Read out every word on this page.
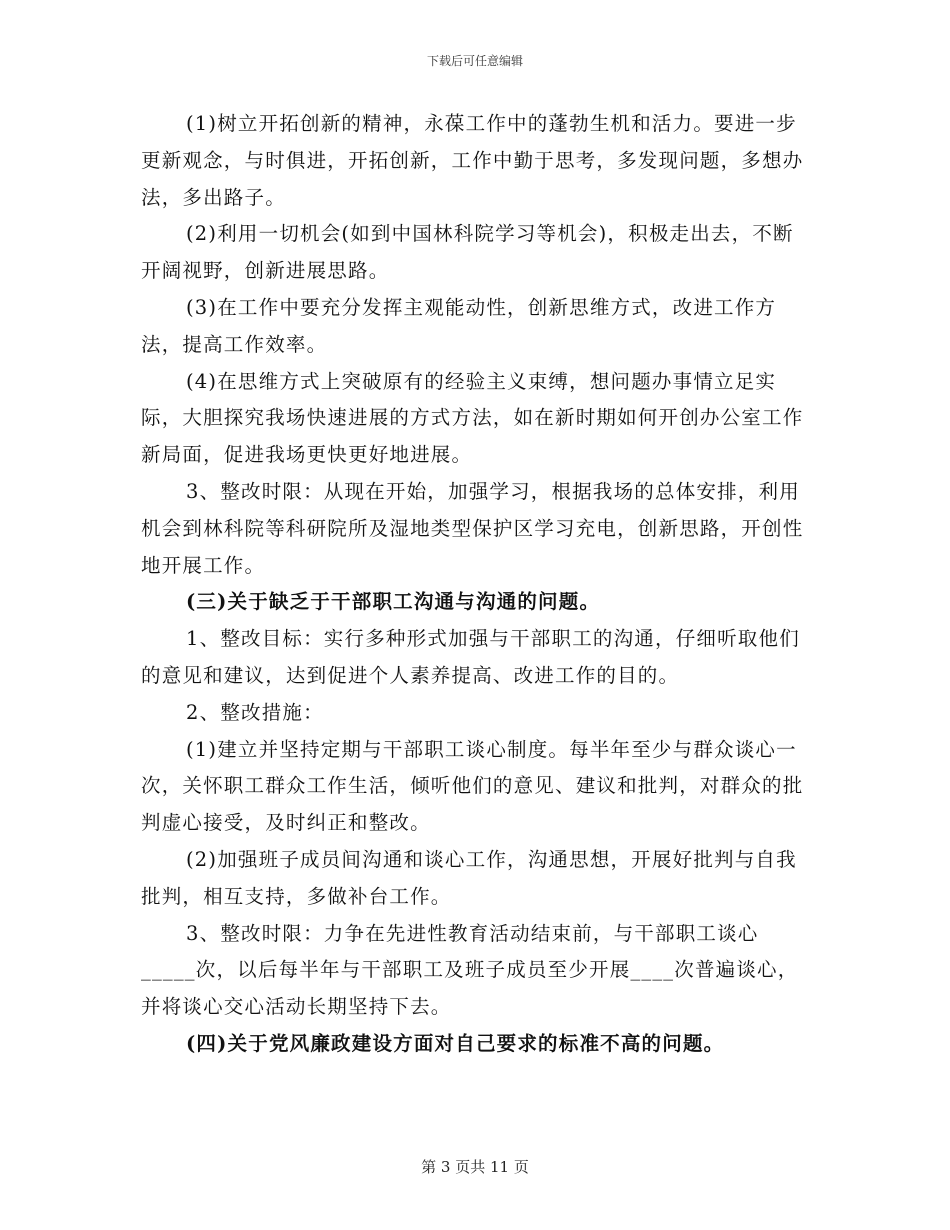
下载后可任意编辑

(1)树立开拓创新的精神，永葆工作中的蓬勃生机和活力。要进一步更新观念，与时俱进，开拓创新，工作中勤于思考，多发现问题，多想办法，多出路子。

(2)利用一切机会(如到中国林科院学习等机会)，积极走出去，不断开阔视野，创新进展思路。

(3)在工作中要充分发挥主观能动性，创新思维方式，改进工作方法，提高工作效率。

(4)在思维方式上突破原有的经验主义束缚，想问题办事情立足实际，大胆探究我场快速进展的方式方法，如在新时期如何开创办公室工作新局面，促进我场更快更好地进展。

3、整改时限：从现在开始，加强学习，根据我场的总体安排，利用机会到林科院等科研院所及湿地类型保护区学习充电，创新思路，开创性地开展工作。

(三)关于缺乏于干部职工沟通与沟通的问题。

1、整改目标：实行多种形式加强与干部职工的沟通，仔细听取他们的意见和建议，达到促进个人素养提高、改进工作的目的。

2、整改措施：

(1)建立并坚持定期与干部职工谈心制度。每半年至少与群众谈心一次，关怀职工群众工作生活，倾听他们的意见、建议和批判，对群众的批判虚心接受，及时纠正和整改。

(2)加强班子成员间沟通和谈心工作，沟通思想，开展好批判与自我批判，相互支持，多做补台工作。

3、整改时限：力争在先进性教育活动结束前，与干部职工谈心_____次，以后每半年与干部职工及班子成员至少开展____次普遍谈心，并将谈心交心活动长期坚持下去。

(四)关于党风廉政建设方面对自己要求的标准不高的问题。

第 3 页共 11 页
